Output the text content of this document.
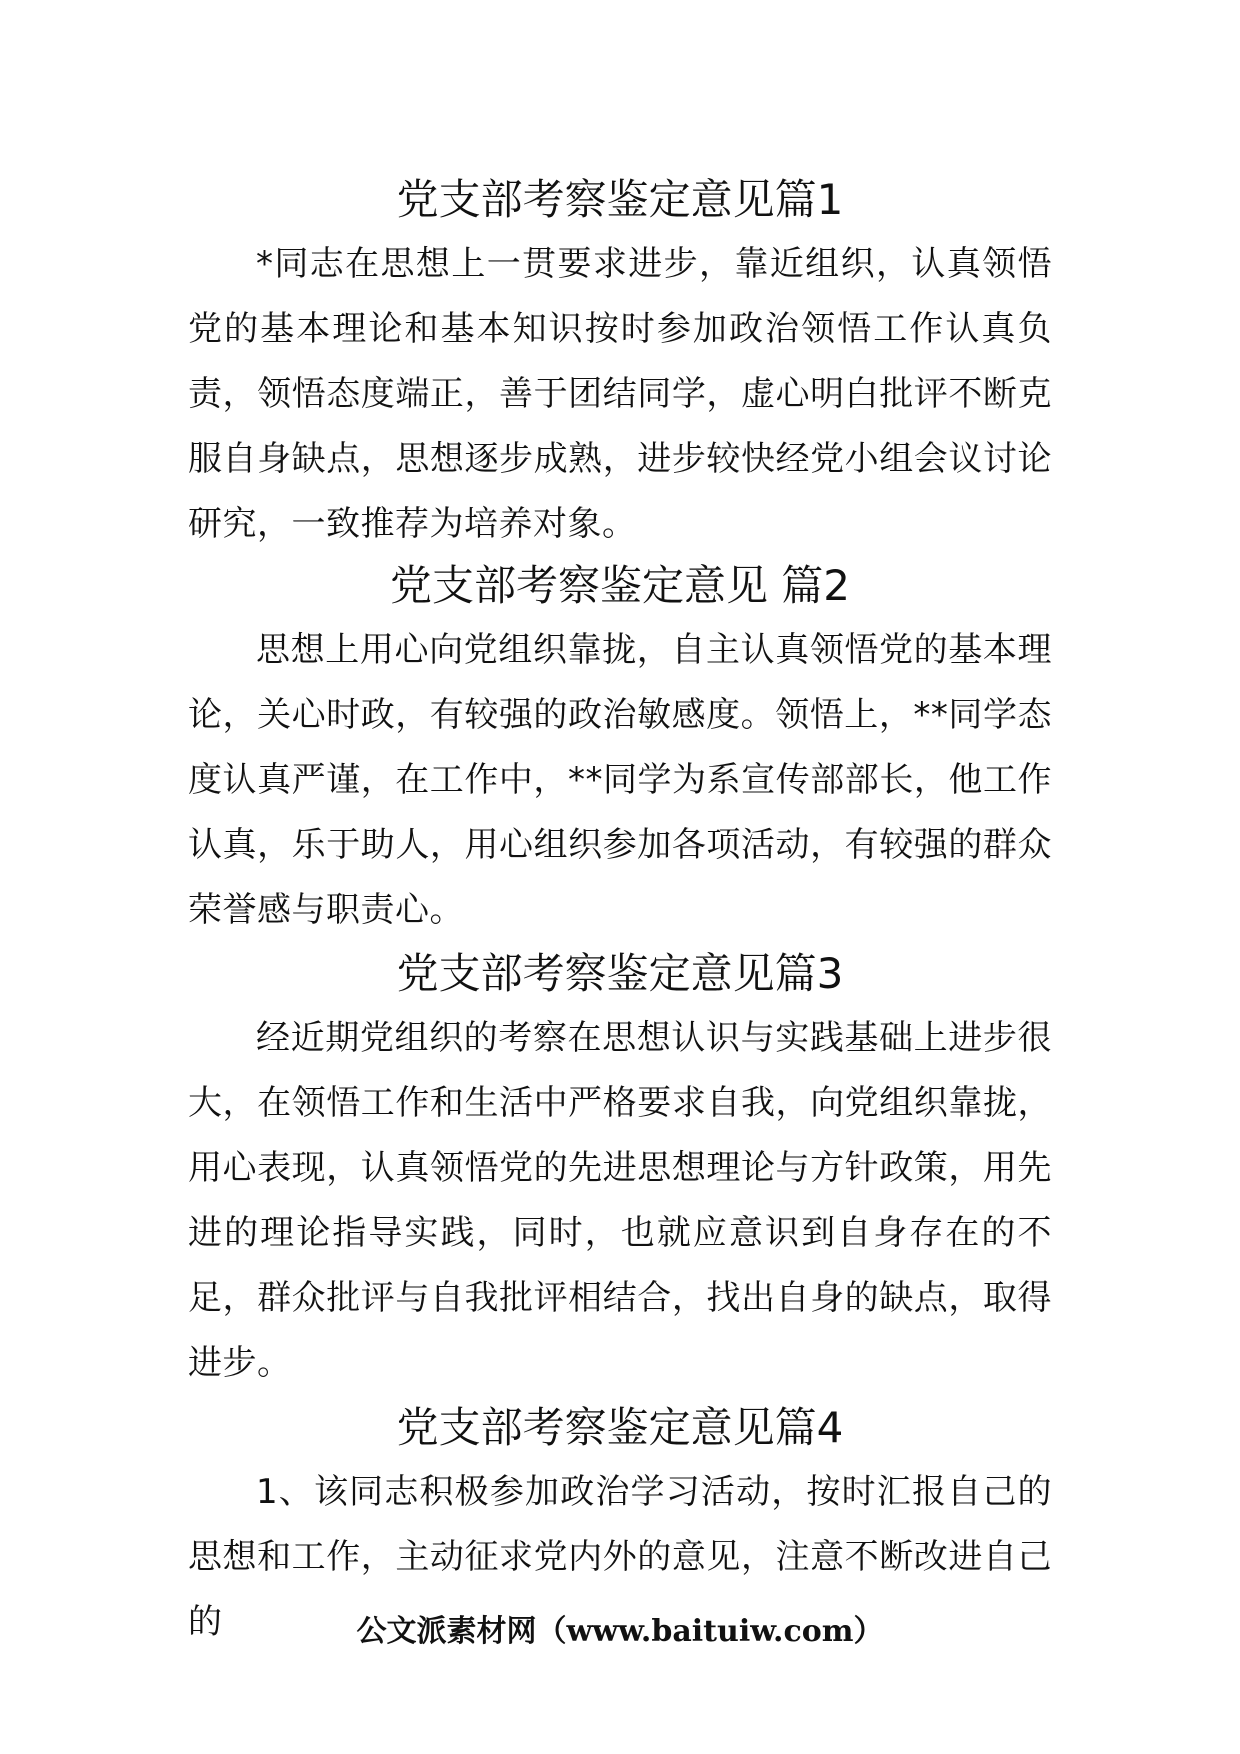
党支部考察鉴定意见篇1

*同志在思想上一贯要求进步，靠近组织，认真领悟党的基本理论和基本知识按时参加政治领悟工作认真负责，领悟态度端正，善于团结同学，虚心明白批评不断克服自身缺点，思想逐步成熟，进步较快经党小组会议讨论研究，一致推荐为培养对象。

党支部考察鉴定意见 篇2

思想上用心向党组织靠拢，自主认真领悟党的基本理论，关心时政，有较强的政治敏感度。领悟上，**同学态度认真严谨，在工作中，**同学为系宣传部部长，他工作认真，乐于助人，用心组织参加各项活动，有较强的群众荣誉感与职责心。

党支部考察鉴定意见篇3

经近期党组织的考察在思想认识与实践基础上进步很大，在领悟工作和生活中严格要求自我，向党组织靠拢，用心表现，认真领悟党的先进思想理论与方针政策，用先进的理论指导实践，同时，也就应意识到自身存在的不足，群众批评与自我批评相结合，找出自身的缺点，取得进步。

党支部考察鉴定意见篇4

1、该同志积极参加政治学习活动，按时汇报自己的思想和工作，主动征求党内外的意见，注意不断改进自己的	公文派素材网（www.baituiw.com）
